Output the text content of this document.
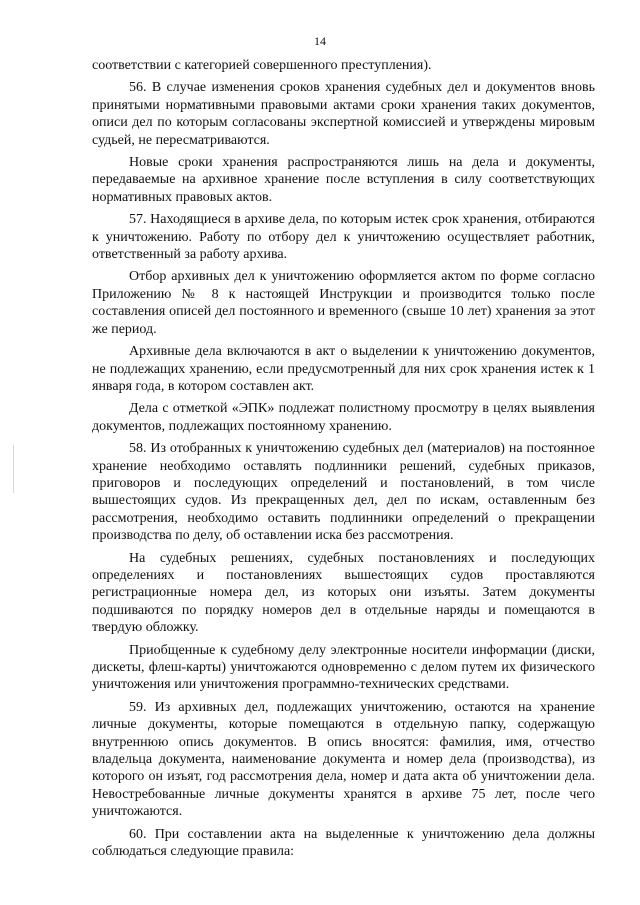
14

соответствии с категорией совершенного преступления).

56. В случае изменения сроков хранения судебных дел и документов вновь принятыми нормативными правовыми актами сроки хранения таких документов, описи дел по которым согласованы экспертной комиссией и утверждены мировым судьей, не пересматриваются.

Новые сроки хранения распространяются лишь на дела и документы, передаваемые на архивное хранение после вступления в силу соответствующих нормативных правовых актов.

57. Находящиеся в архиве дела, по которым истек срок хранения, отбираются к уничтожению. Работу по отбору дел к уничтожению осуществляет работник, ответственный за работу архива.

Отбор архивных дел к уничтожению оформляется актом по форме согласно Приложению № 8 к настоящей Инструкции и производится только после составления описей дел постоянного и временного (свыше 10 лет) хранения за этот же период.

Архивные дела включаются в акт о выделении к уничтожению документов, не подлежащих хранению, если предусмотренный для них срок хранения истек к 1 января года, в котором составлен акт.

Дела с отметкой «ЭПК» подлежат полистному просмотру в целях выявления документов, подлежащих постоянному хранению.

58. Из отобранных к уничтожению судебных дел (материалов) на постоянное хранение необходимо оставлять подлинники решений, судебных приказов, приговоров и последующих определений и постановлений, в том числе вышестоящих судов. Из прекращенных дел, дел по искам, оставленным без рассмотрения, необходимо оставить подлинники определений о прекращении производства по делу, об оставлении иска без рассмотрения.

На судебных решениях, судебных постановлениях и последующих определениях и постановлениях вышестоящих судов проставляются регистрационные номера дел, из которых они изъяты. Затем документы подшиваются по порядку номеров дел в отдельные наряды и помещаются в твердую обложку.

Приобщенные к судебному делу электронные носители информации (диски, дискеты, флеш-карты) уничтожаются одновременно с делом путем их физического уничтожения или уничтожения программно-технических средствами.

59. Из архивных дел, подлежащих уничтожению, остаются на хранение личные документы, которые помещаются в отдельную папку, содержащую внутреннюю опись документов. В опись вносятся: фамилия, имя, отчество владельца документа, наименование документа и номер дела (производства), из которого он изъят, год рассмотрения дела, номер и дата акта об уничтожении дела. Невостребованные личные документы хранятся в архиве 75 лет, после чего уничтожаются.

60. При составлении акта на выделенные к уничтожению дела должны соблюдаться следующие правила:
